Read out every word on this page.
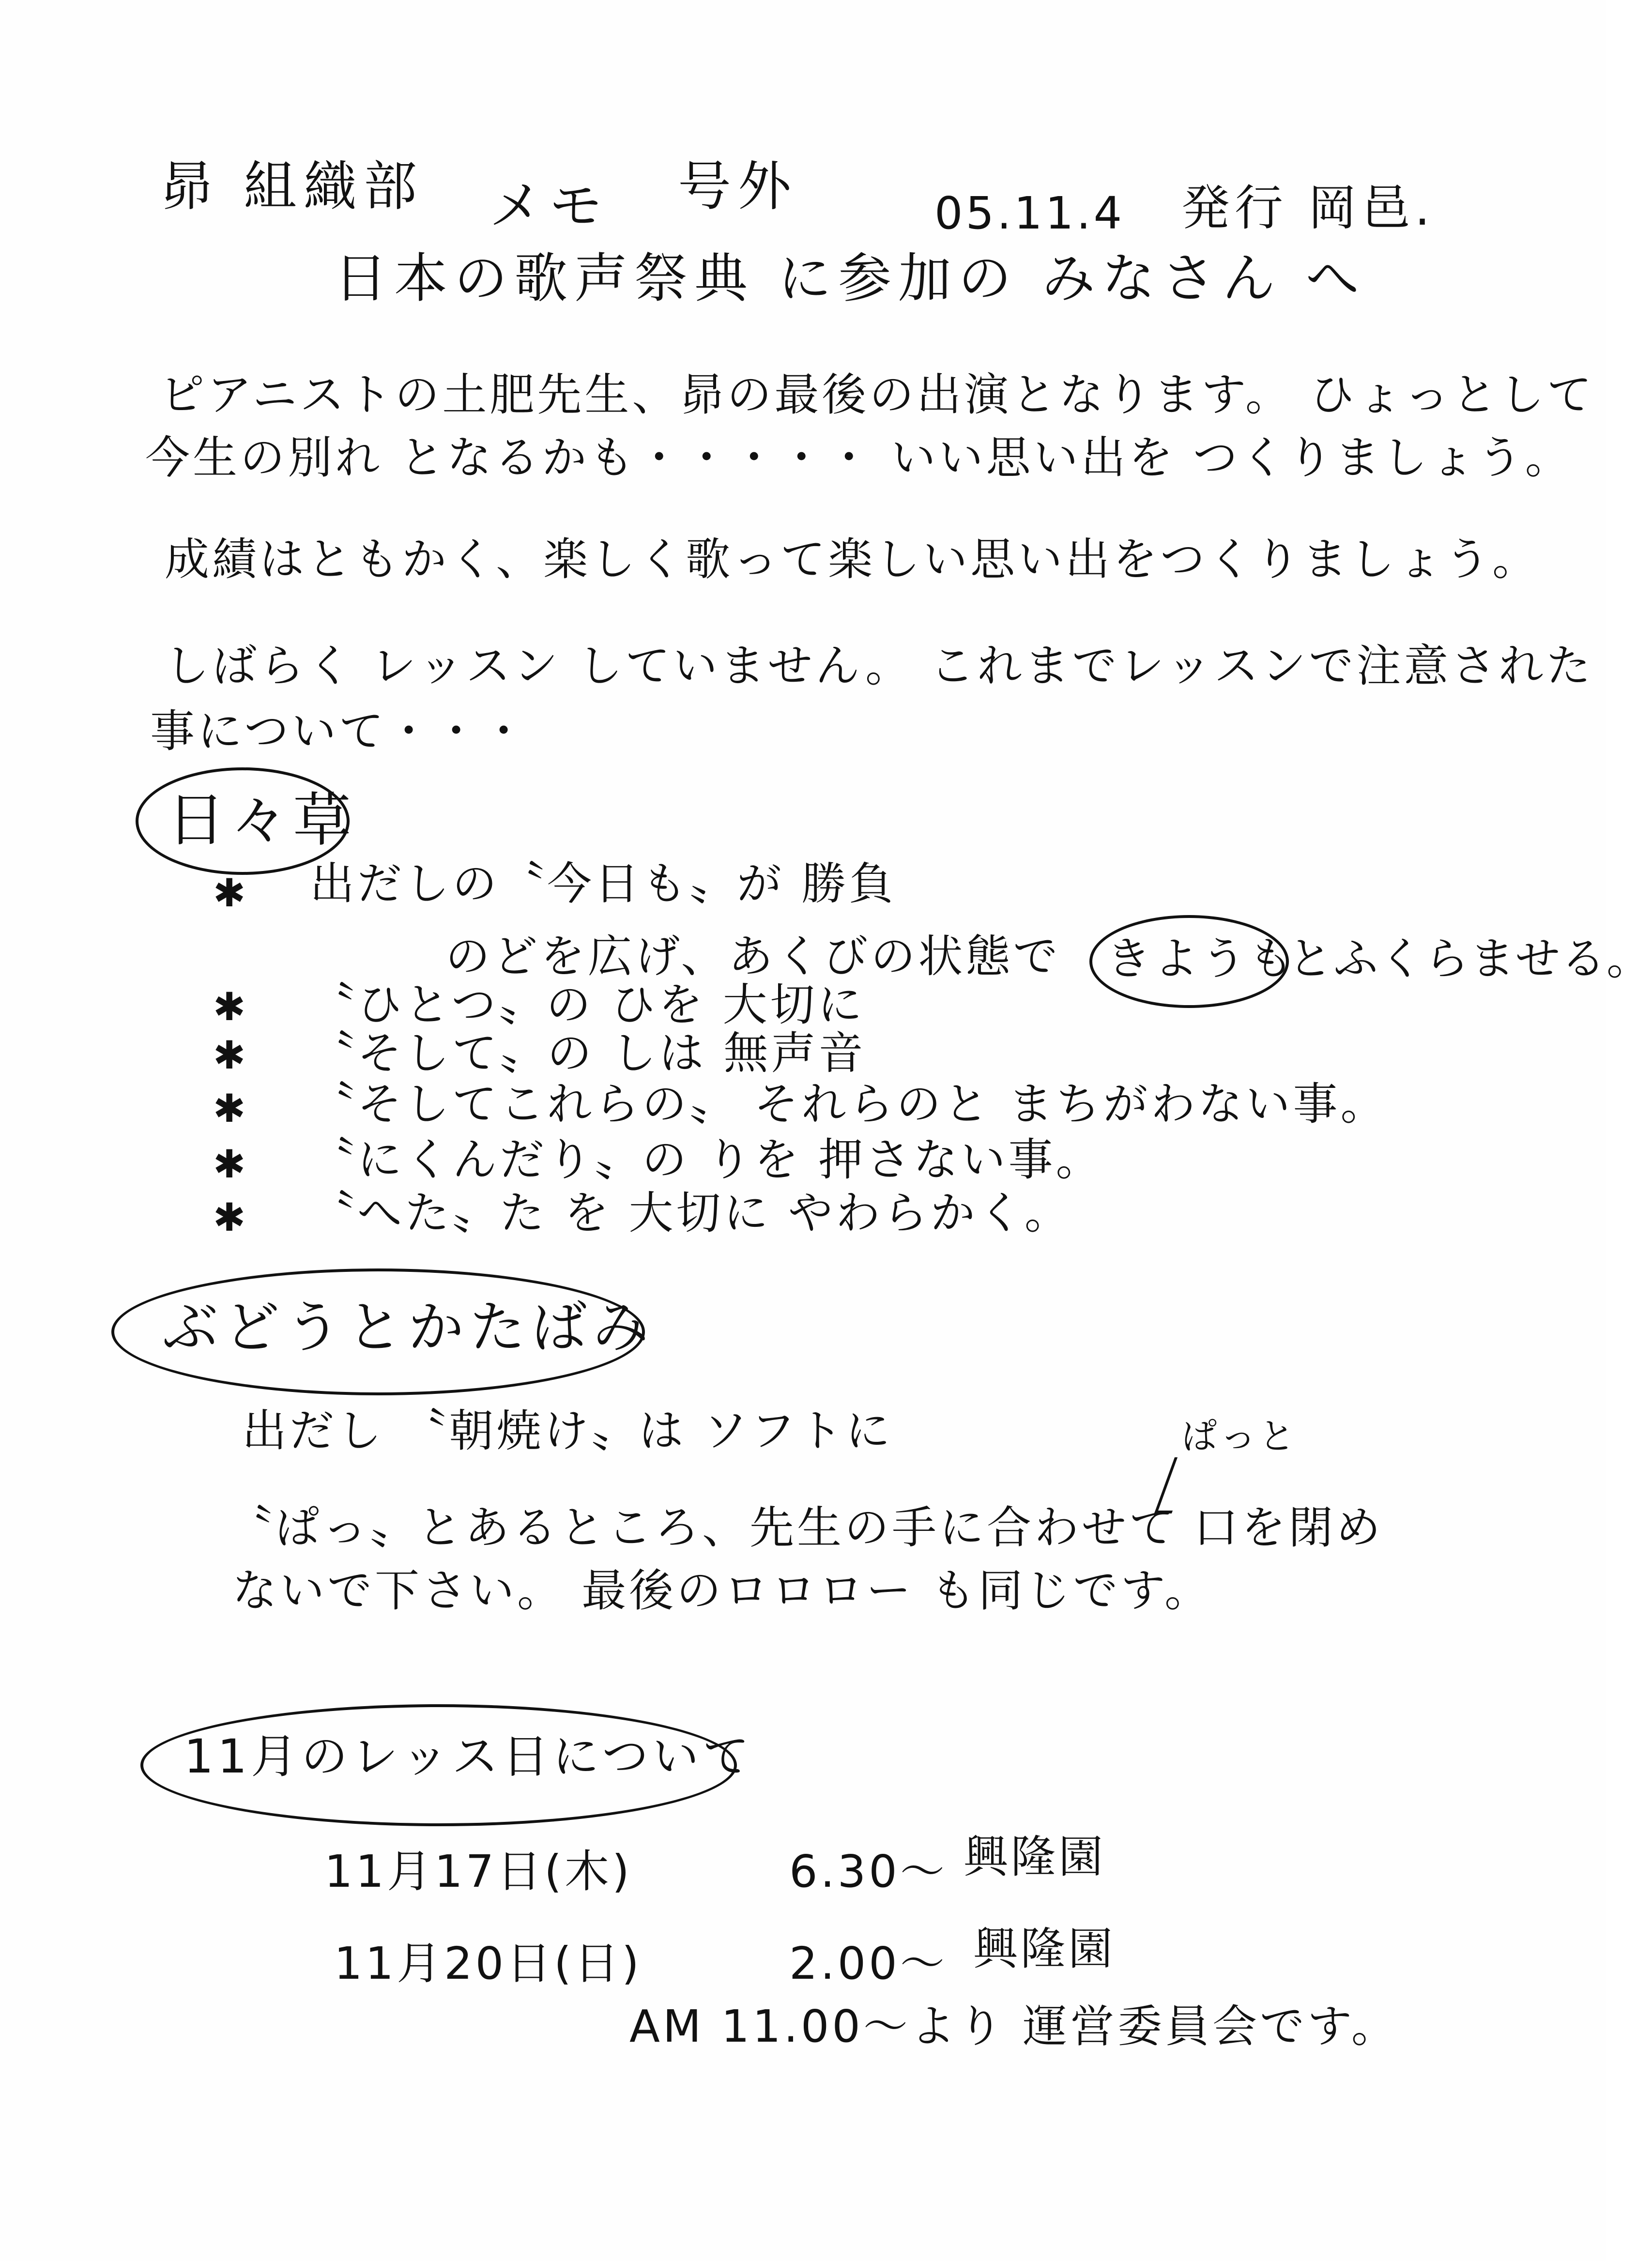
昴 組織部 メモ 号外	05.11.4 発行 岡邑.
日本の歌声祭典 に参加の みなさん へ
ピアニストの土肥先生、昴の最後の出演となります。 ひょっとして
今生の別れ となるかも・・・・・ いい思い出を つくりましょう。
成績はともかく、楽しく歌って楽しい思い出をつくりましょう。
しばらく レッスン していません。 これまでレッスンで注意された
事について・・・
日々草
✱ 出だしの〝今日も〟が 勝負
のどを広げ、あくびの状態で きようも
とふくらませる。
✱ 〝ひとつ〟の ひを 大切に
✱ 〝そして〟の しは 無声音
✱ 〝そしてこれらの〟 それらのと まちがわない事。
✱ 〝にくんだり〟の りを 押さない事。
✱ 〝へた〟た を 大切に やわらかく。
ぶどうとかたばみ
出だし 〝朝焼け〟は ソフトに	ぱっと
〝ぱっ〟とあるところ、先生の手に合わせて 口を閉め
ないで下さい。 最後のロロロー も同じです。
11月のレッス日について
11月17日(木)	6.30～ 興隆園
11月20日(日)	2.00～ 興隆園
AM 11.00～より 運営委員会です。
